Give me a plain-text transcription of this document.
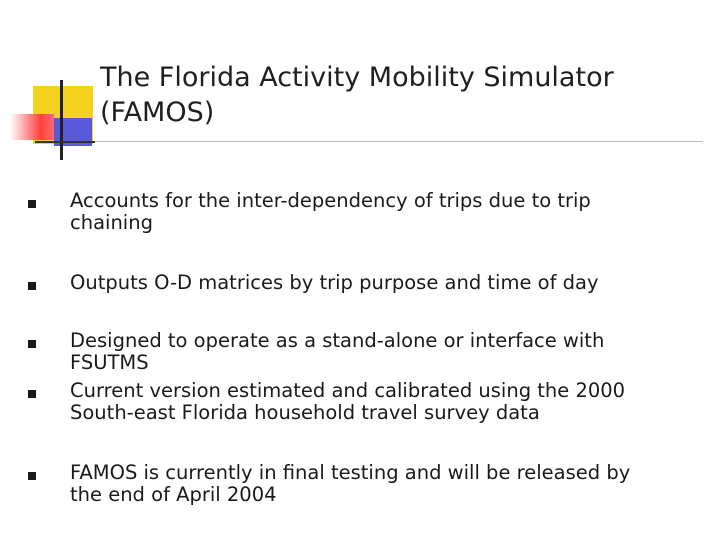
The Florida Activity Mobility Simulator
(FAMOS)
Accounts for the inter-dependency of trips due to trip
chaining
Outputs O-D matrices by trip purpose and time of day
Designed to operate as a stand-alone or interface with
FSUTMS
Current version estimated and calibrated using the 2000
South-east Florida household travel survey data
FAMOS is currently in final testing and will be released by
the end of April 2004
